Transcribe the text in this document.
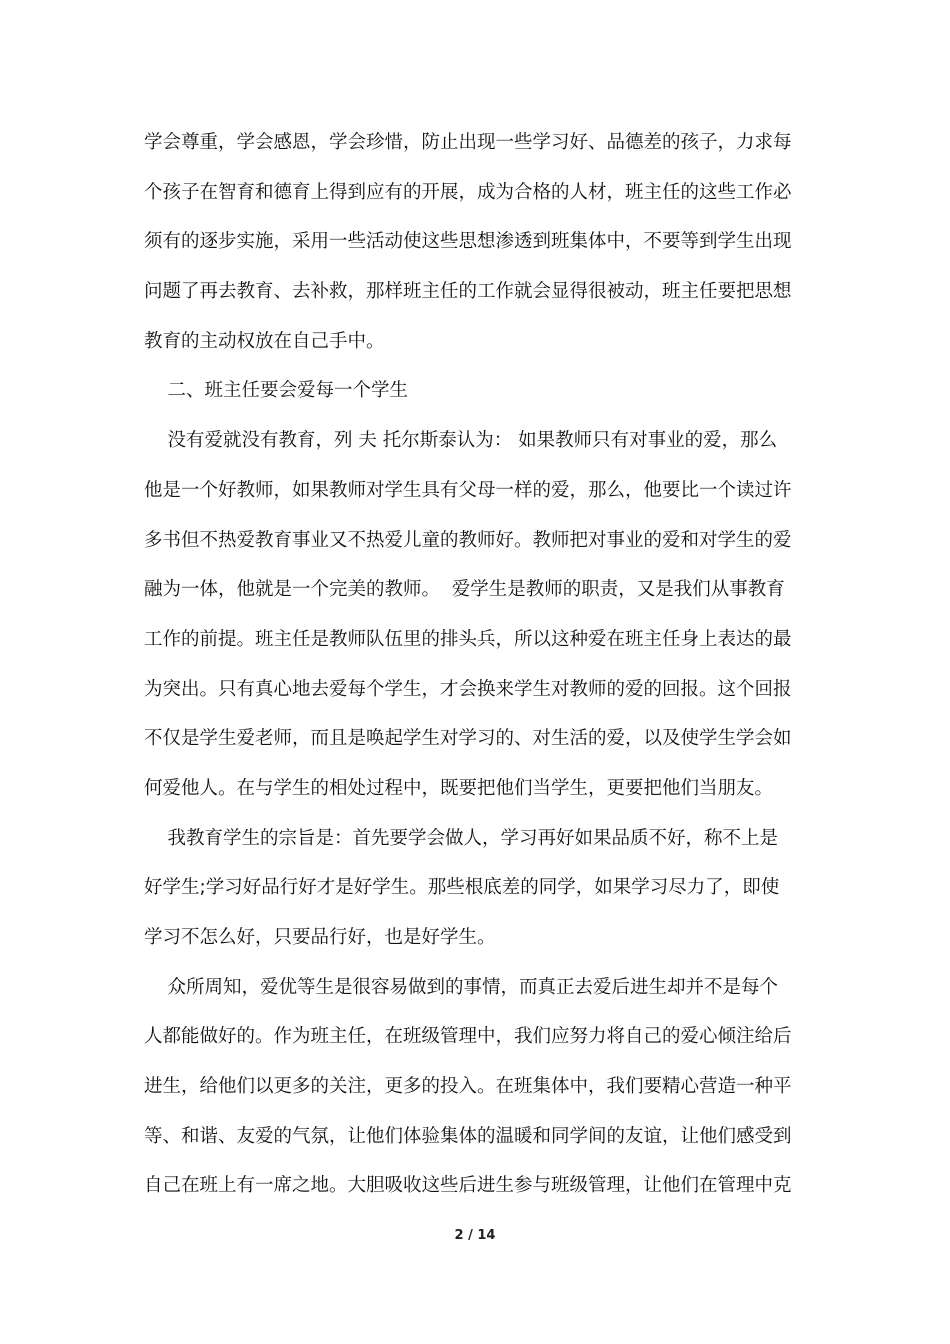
学会尊重，学会感恩，学会珍惜，防止出现一些学习好、品德差的孩子，力求每
个孩子在智育和德育上得到应有的开展，成为合格的人材，班主任的这些工作必
须有的逐步实施，采用一些活动使这些思想渗透到班集体中，不要等到学生出现
问题了再去教育、去补救，那样班主任的工作就会显得很被动，班主任要把思想
教育的主动权放在自己手中。
二、班主任要会爱每一个学生
没有爱就没有教育，列 夫 托尔斯泰认为： 如果教师只有对事业的爱，那么
他是一个好教师，如果教师对学生具有父母一样的爱，那么，他要比一个读过许
多书但不热爱教育事业又不热爱儿童的教师好。教师把对事业的爱和对学生的爱
融为一体，他就是一个完美的教师。  爱学生是教师的职责，又是我们从事教育
工作的前提。班主任是教师队伍里的排头兵，所以这种爱在班主任身上表达的最
为突出。只有真心地去爱每个学生，才会换来学生对教师的爱的回报。这个回报
不仅是学生爱老师，而且是唤起学生对学习的、对生活的爱，以及使学生学会如
何爱他人。在与学生的相处过程中，既要把他们当学生，更要把他们当朋友。
我教育学生的宗旨是：首先要学会做人，学习再好如果品质不好，称不上是
好学生;学习好品行好才是好学生。那些根底差的同学，如果学习尽力了，即使
学习不怎么好，只要品行好，也是好学生。
众所周知，爱优等生是很容易做到的事情，而真正去爱后进生却并不是每个
人都能做好的。作为班主任，在班级管理中，我们应努力将自己的爱心倾注给后
进生，给他们以更多的关注，更多的投入。在班集体中，我们要精心营造一种平
等、和谐、友爱的气氛，让他们体验集体的温暖和同学间的友谊，让他们感受到
自己在班上有一席之地。大胆吸收这些后进生参与班级管理，让他们在管理中克
2 / 14
